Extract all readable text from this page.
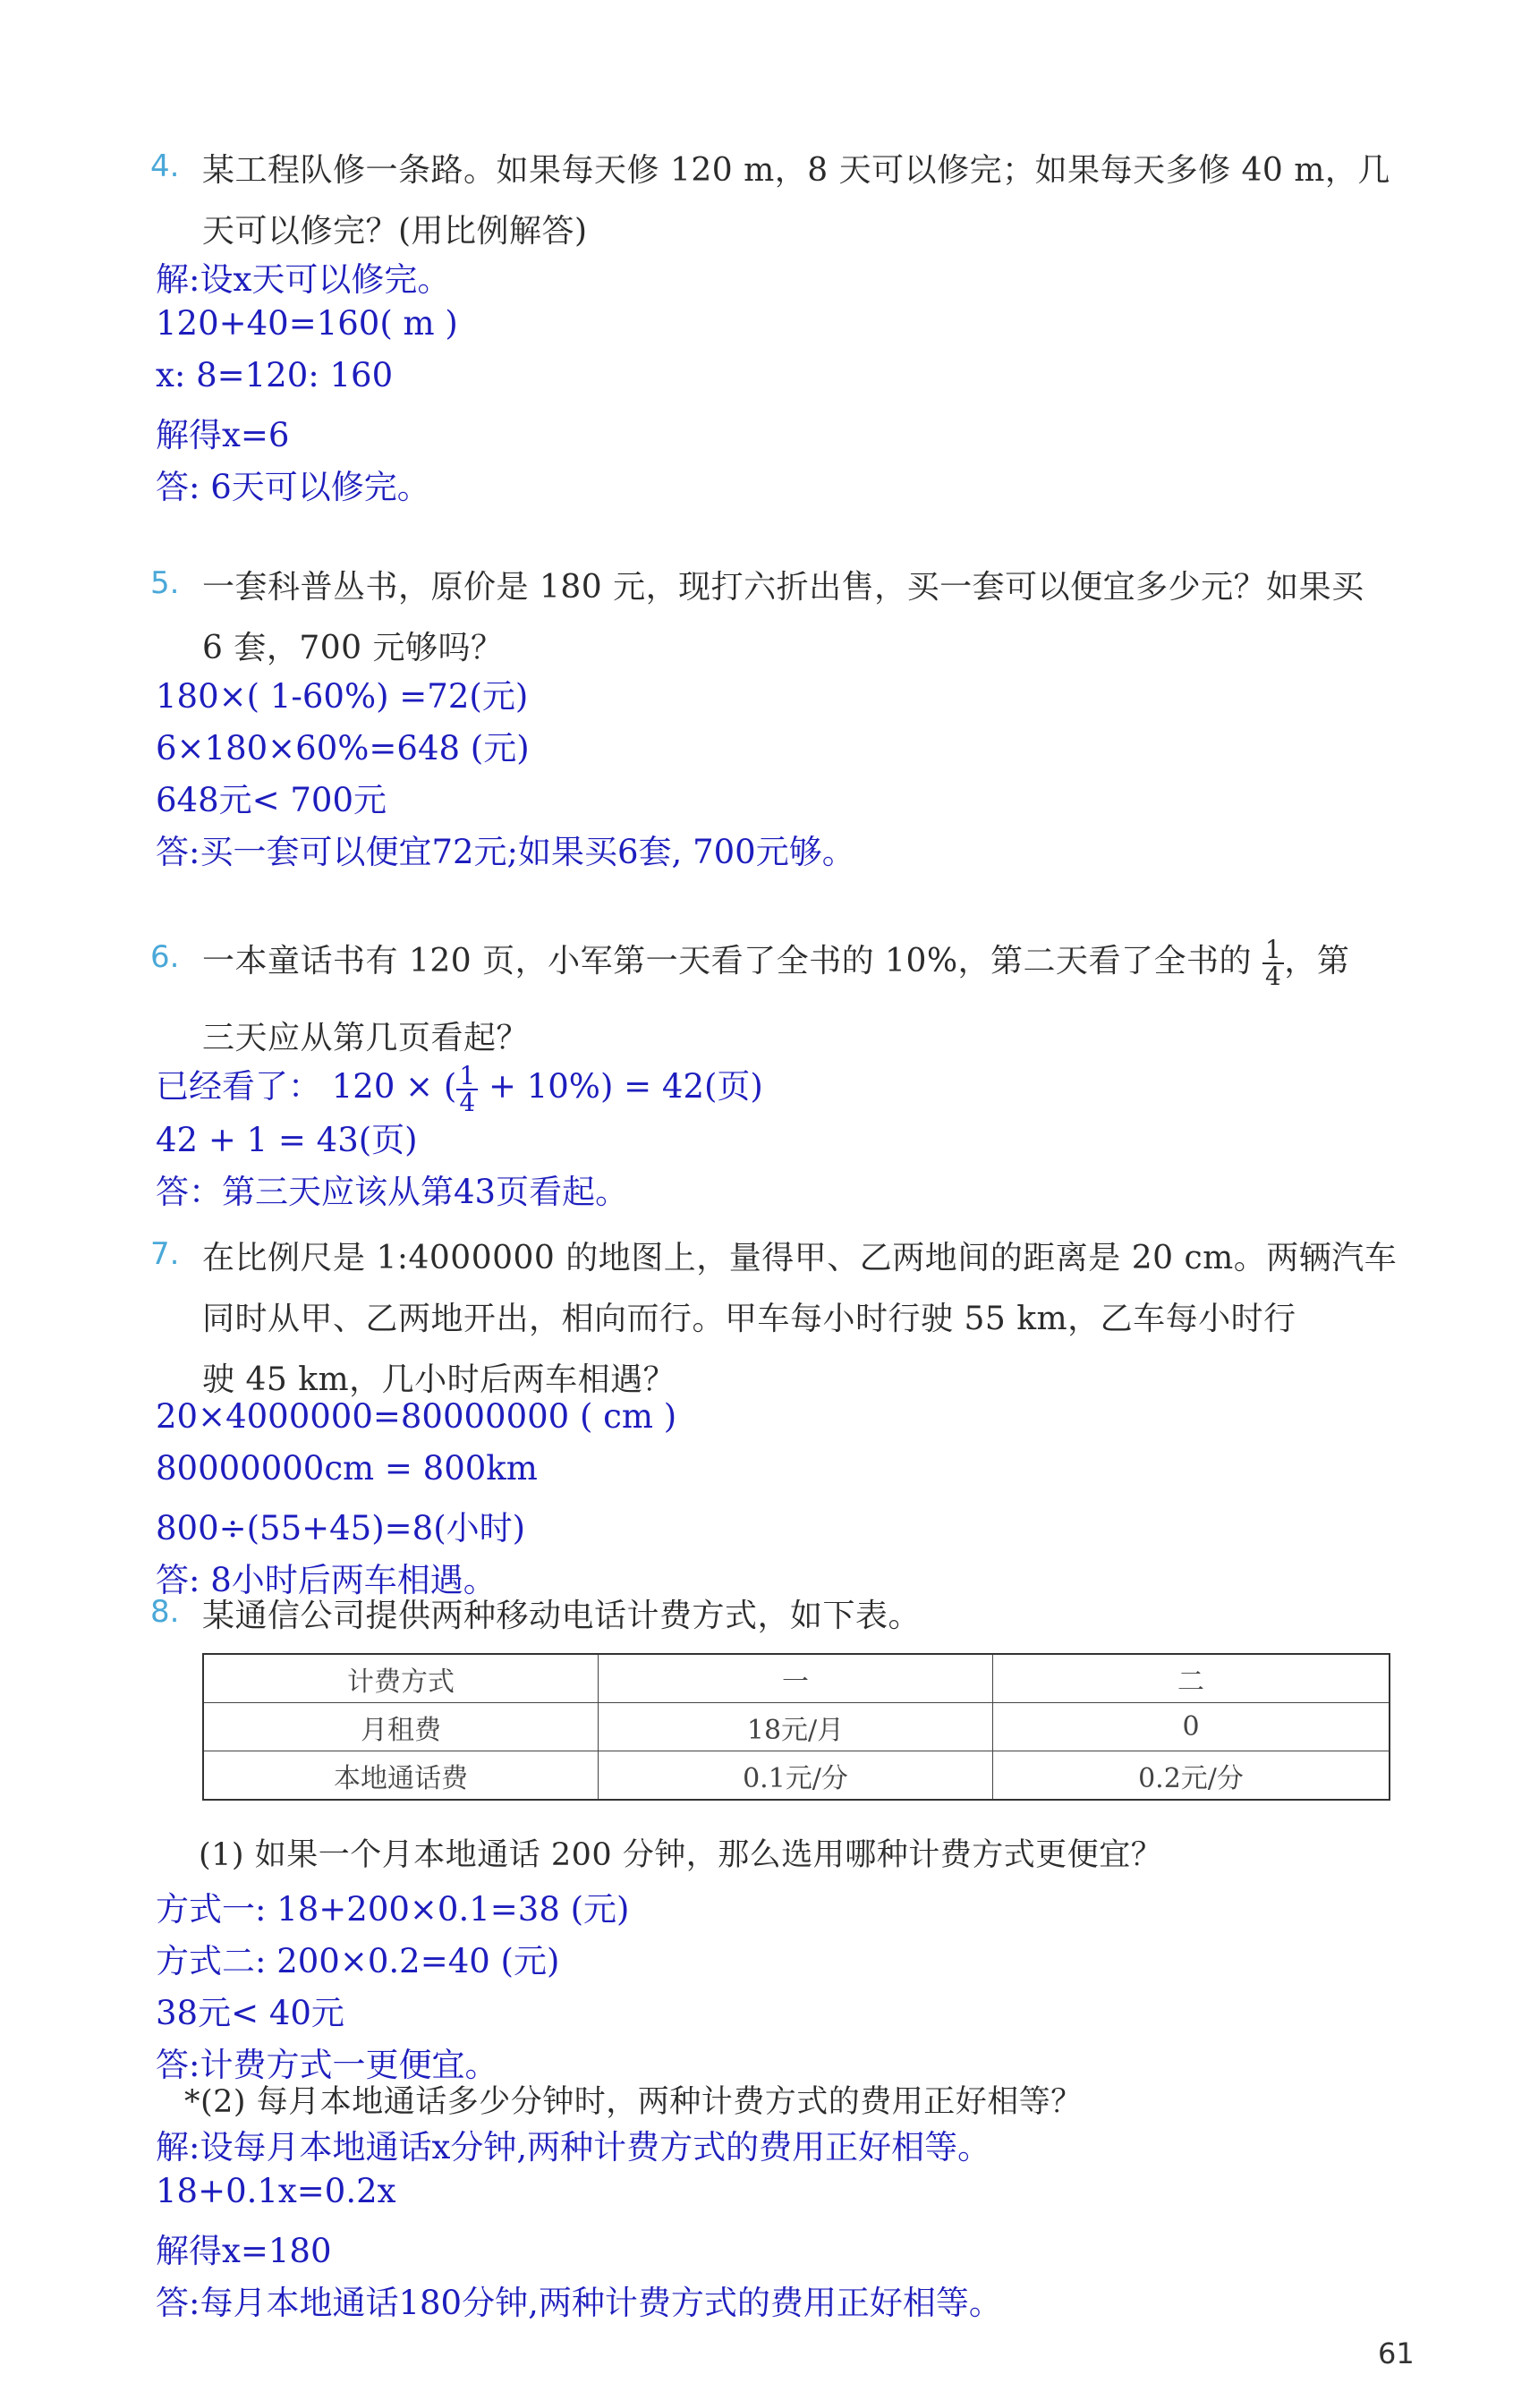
4. 某工程队修一条路。如果每天修 120 m，8 天可以修完；如果每天多修 40 m，几
天可以修完？(用比例解答)
解:设x天可以修完。
120+40=160( m )
x: 8=120: 160
解得x=6
答: 6天可以修完。
5. 一套科普丛书，原价是 180 元，现打六折出售，买一套可以便宜多少元？如果买
6 套，700 元够吗？
180×( 1-60%) =72(元)
6×180×60%=648 (元)
648元< 700元
答:买一套可以便宜72元;如果买6套, 700元够。
6. 一本童话书有 120 页，小军第一天看了全书的 10%，第二天看了全书的 $\frac{1}{4}$ ，第
三天应从第几页看起？
已经看了： 120 × ( $\frac{1}{4} + 10\%) = 42$(页)
42 + 1 = 43(页)
答：第三天应该从第43页看起。
7. 在比例尺是 1:4000000 的地图上，量得甲、乙两地间的距离是 20 cm。两辆汽车
同时从甲、乙两地开出，相向而行。甲车每小时行驶 55 km，乙车每小时行
驶 45 km，几小时后两车相遇？
20×4000000=80000000 ( cm )
80000000cm = 800km
800÷(55+45)=8(小时)
答: 8小时后两车相遇。
8. 某通信公司提供两种移动电话计费方式，如下表。
计费方式	一	二
月租费	18元/月	0
本地通话费	0.1元/分	0.2元/分
(1) 如果一个月本地通话 200 分钟，那么选用哪种计费方式更便宜？
方式一: 18+200×0.1=38 (元)
方式二: 200×0.2=40 (元)
38元< 40元
答:计费方式一更便宜。
*(2) 每月本地通话多少分钟时，两种计费方式的费用正好相等？
解:设每月本地通话x分钟,两种计费方式的费用正好相等。
18+0.1x=0.2x
解得x=180
答:每月本地通话180分钟,两种计费方式的费用正好相等。
61
